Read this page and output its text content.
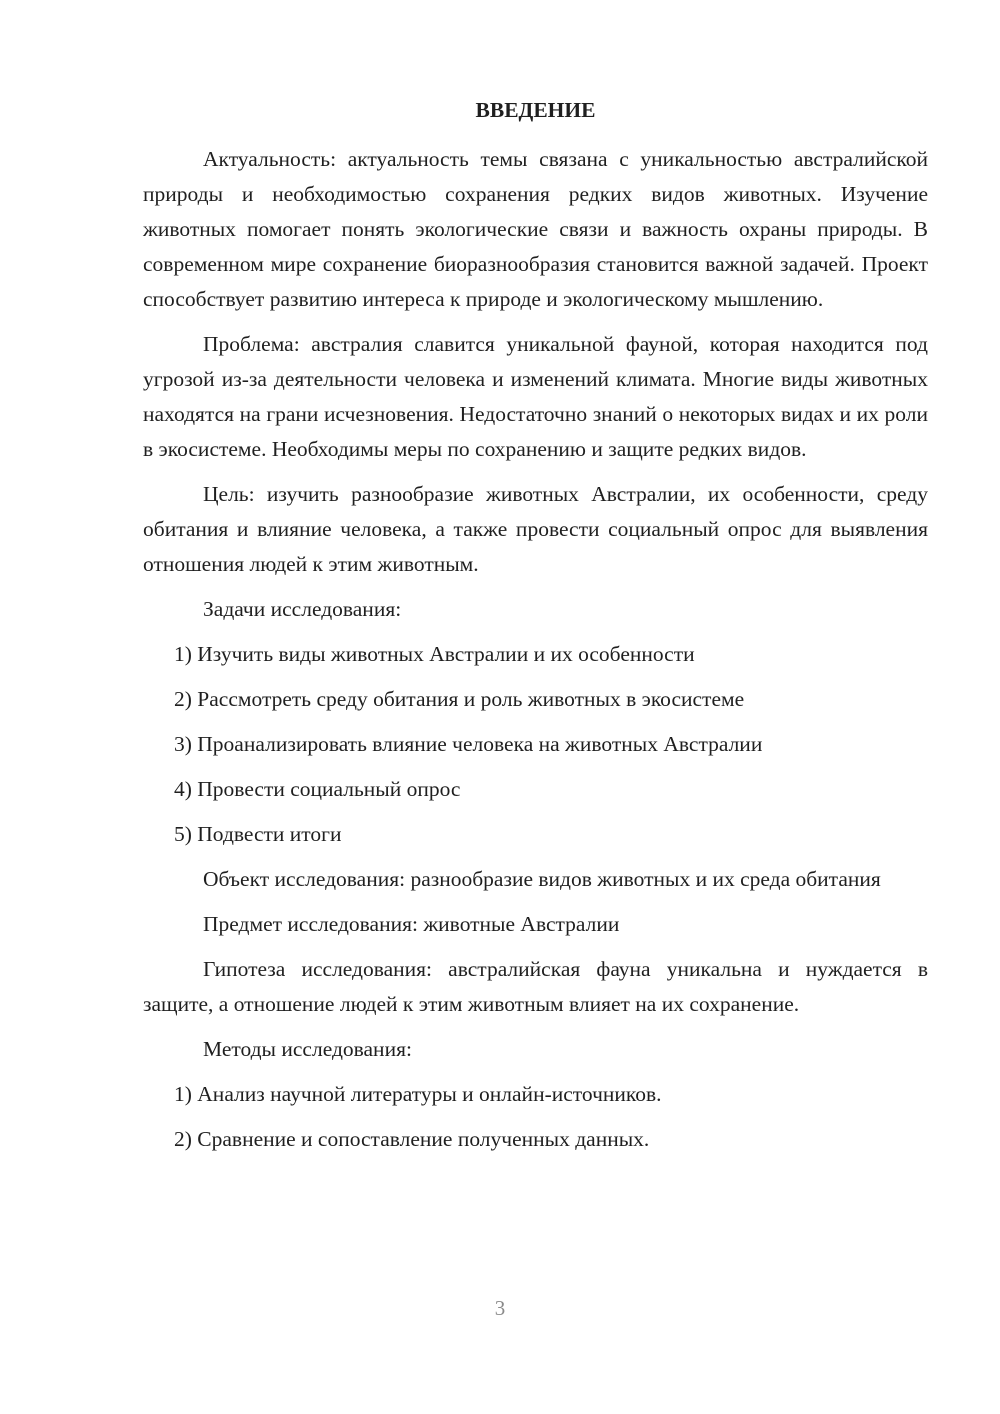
ВВЕДЕНИЕ

Актуальность: актуальность темы связана с уникальностью австралийской природы и необходимостью сохранения редких видов животных. Изучение животных помогает понять экологические связи и важность охраны природы. В современном мире сохранение биоразнообразия становится важной задачей. Проект способствует развитию интереса к природе и экологическому мышлению.

Проблема: австралия славится уникальной фауной, которая находится под угрозой из-за деятельности человека и изменений климата. Многие виды животных находятся на грани исчезновения. Недостаточно знаний о некоторых видах и их роли в экосистеме. Необходимы меры по сохранению и защите редких видов.

Цель: изучить разнообразие животных Австралии, их особенности, среду обитания и влияние человека, а также провести социальный опрос для выявления отношения людей к этим животным.

Задачи исследования:

1) Изучить виды животных Австралии и их особенности

2) Рассмотреть среду обитания и роль животных в экосистеме

3) Проанализировать влияние человека на животных Австралии

4) Провести социальный опрос

5) Подвести итоги

Объект исследования: разнообразие видов животных и их среда обитания

Предмет исследования: животные Австралии

Гипотеза исследования: австралийская фауна уникальна и нуждается в защите, а отношение людей к этим животным влияет на их сохранение.

Методы исследования:

1) Анализ научной литературы и онлайн-источников.

2) Сравнение и сопоставление полученных данных.

3
